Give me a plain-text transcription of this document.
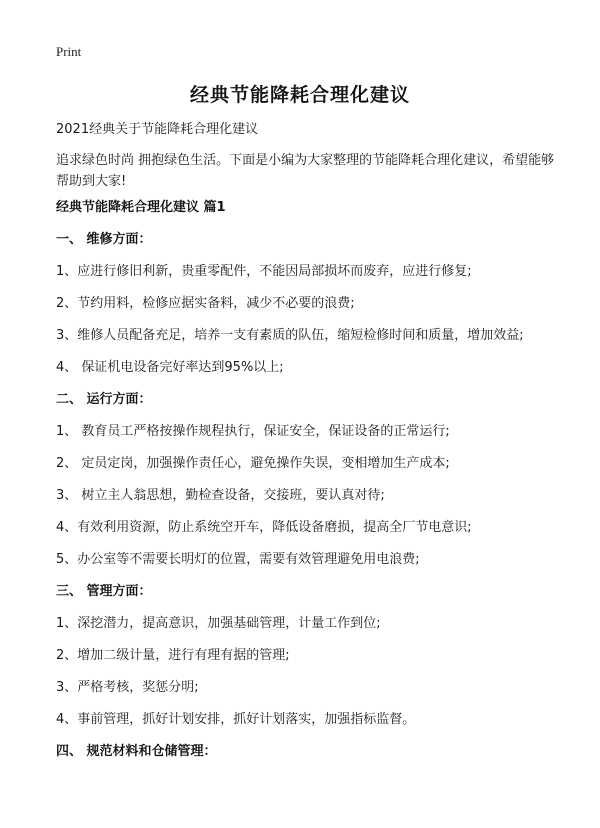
Print
经典节能降耗合理化建议
2021经典关于节能降耗合理化建议
追求绿色时尚 拥抱绿色生活。下面是小编为大家整理的节能降耗合理化建议，希望能够帮助到大家!
经典节能降耗合理化建议 篇1
一、 维修方面：
1、应进行修旧利新，贵重零配件，不能因局部损坏而废弃，应进行修复;
2、节约用料，检修应据实备料，减少不必要的浪费;
3、维修人员配备充足，培养一支有素质的队伍，缩短检修时间和质量，增加效益;
4、 保证机电设备完好率达到95%以上;
二、 运行方面：
1、 教育员工严格按操作规程执行，保证安全，保证设备的正常运行;
2、 定员定岗，加强操作责任心，避免操作失误，变相增加生产成本;
3、 树立主人翁思想，勤检查设备，交接班，要认真对待;
4、有效利用资源，防止系统空开车，降低设备磨损，提高全厂节电意识;
5、办公室等不需要长明灯的位置，需要有效管理避免用电浪费;
三、 管理方面：
1、深挖潜力，提高意识，加强基础管理，计量工作到位;
2、增加二级计量，进行有理有据的管理;
3、严格考核，奖惩分明;
4、事前管理，抓好计划安排，抓好计划落实，加强指标监督。
四、 规范材料和仓储管理：
